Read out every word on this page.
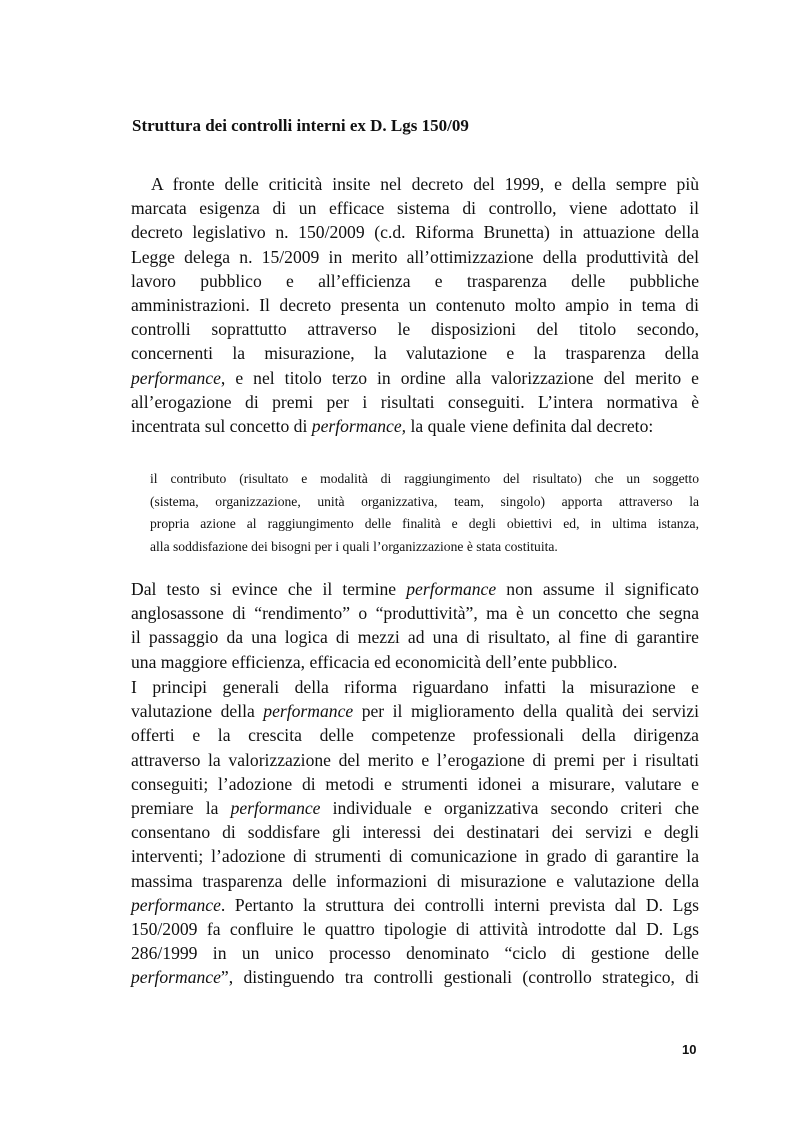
Struttura dei controlli interni ex D. Lgs 150/09
A fronte delle criticità insite nel decreto del 1999, e della sempre più
marcata esigenza di un efficace sistema di controllo, viene adottato il
decreto legislativo n. 150/2009 (c.d. Riforma Brunetta) in attuazione della
Legge delega n. 15/2009 in merito all’ottimizzazione della produttività del
lavoro pubblico e all’efficienza e trasparenza delle pubbliche
amministrazioni. Il decreto presenta un contenuto molto ampio in tema di
controlli soprattutto attraverso le disposizioni del titolo secondo,
concernenti la misurazione, la valutazione e la trasparenza della
performance, e nel titolo terzo in ordine alla valorizzazione del merito e
all’erogazione di premi per i risultati conseguiti. L’intera normativa è
incentrata sul concetto di performance, la quale viene definita dal decreto:
il contributo (risultato e modalità di raggiungimento del risultato) che un soggetto
(sistema, organizzazione, unità organizzativa, team, singolo) apporta attraverso la
propria azione al raggiungimento delle finalità e degli obiettivi ed, in ultima istanza,
alla soddisfazione dei bisogni per i quali l’organizzazione è stata costituita.
Dal testo si evince che il termine performance non assume il significato
anglosassone di “rendimento” o “produttività”, ma è un concetto che segna
il passaggio da una logica di mezzi ad una di risultato, al fine di garantire
una maggiore efficienza, efficacia ed economicità dell’ente pubblico.
I principi generali della riforma riguardano infatti la misurazione e
valutazione della performance per il miglioramento della qualità dei servizi
offerti e la crescita delle competenze professionali della dirigenza
attraverso la valorizzazione del merito e l’erogazione di premi per i risultati
conseguiti; l’adozione di metodi e strumenti idonei a misurare, valutare e
premiare la performance individuale e organizzativa secondo criteri che
consentano di soddisfare gli interessi dei destinatari dei servizi e degli
interventi; l’adozione di strumenti di comunicazione in grado di garantire la
massima trasparenza delle informazioni di misurazione e valutazione della
performance. Pertanto la struttura dei controlli interni prevista dal D. Lgs
150/2009 fa confluire le quattro tipologie di attività introdotte dal D. Lgs
286/1999 in un unico processo denominato “ciclo di gestione delle
performance”, distinguendo tra controlli gestionali (controllo strategico, di
10
